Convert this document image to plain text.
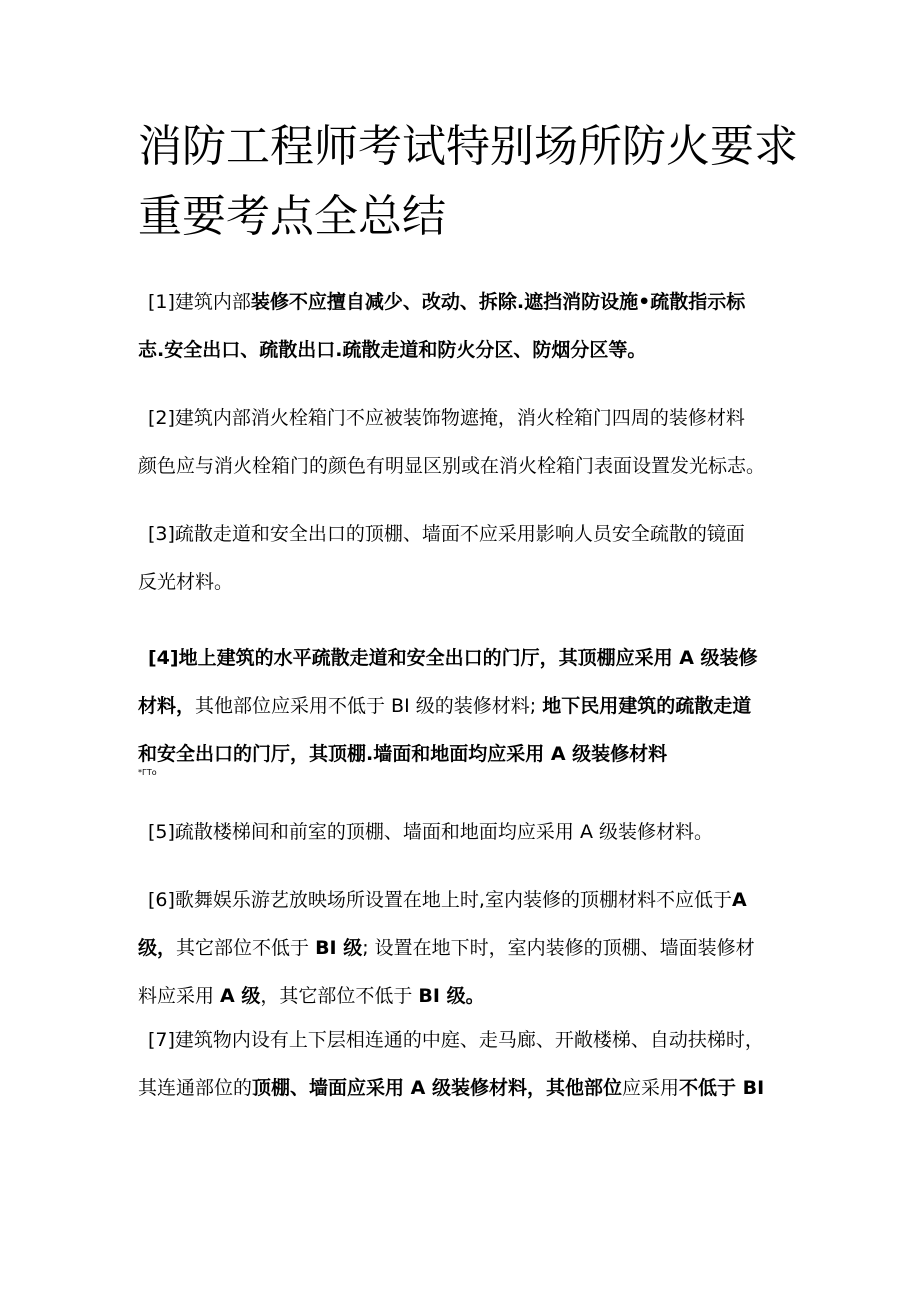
消防工程师考试特别场所防火要求
重要考点全总结
[1]建筑内部装修不应擅自减少、改动、拆除.遮挡消防设施•疏散指示标
志.安全出口、疏散出口.疏散走道和防火分区、防烟分区等。
[2]建筑内部消火栓箱门不应被装饰物遮掩，消火栓箱门四周的装修材料
颜色应与消火栓箱门的颜色有明显区别或在消火栓箱门表面设置发光标志。
[3]疏散走道和安全出口的顶棚、墙面不应采用影响人员安全疏散的镜面
反光材料。
[4]地上建筑的水平疏散走道和安全出口的门厅，其顶棚应采用 A 级装修
材料，其他部位应采用不低于 BI 级的装修材料; 地下民用建筑的疏散走道
和安全出口的门厅，其顶棚.墙面和地面均应采用 A 级装修材料
*ГТо
[5]疏散楼梯间和前室的顶棚、墙面和地面均应采用 A 级装修材料。
[6]歌舞娱乐游艺放映场所设置在地上时,室内装修的顶棚材料不应低于A
级，其它部位不低于 BI 级; 设置在地下时，室内装修的顶棚、墙面装修材
料应采用 A 级，其它部位不低于 BI 级。
[7]建筑物内设有上下层相连通的中庭、走马廊、开敞楼梯、自动扶梯时，
其连通部位的顶棚、墙面应采用 A 级装修材料，其他部位应采用不低于 BI
